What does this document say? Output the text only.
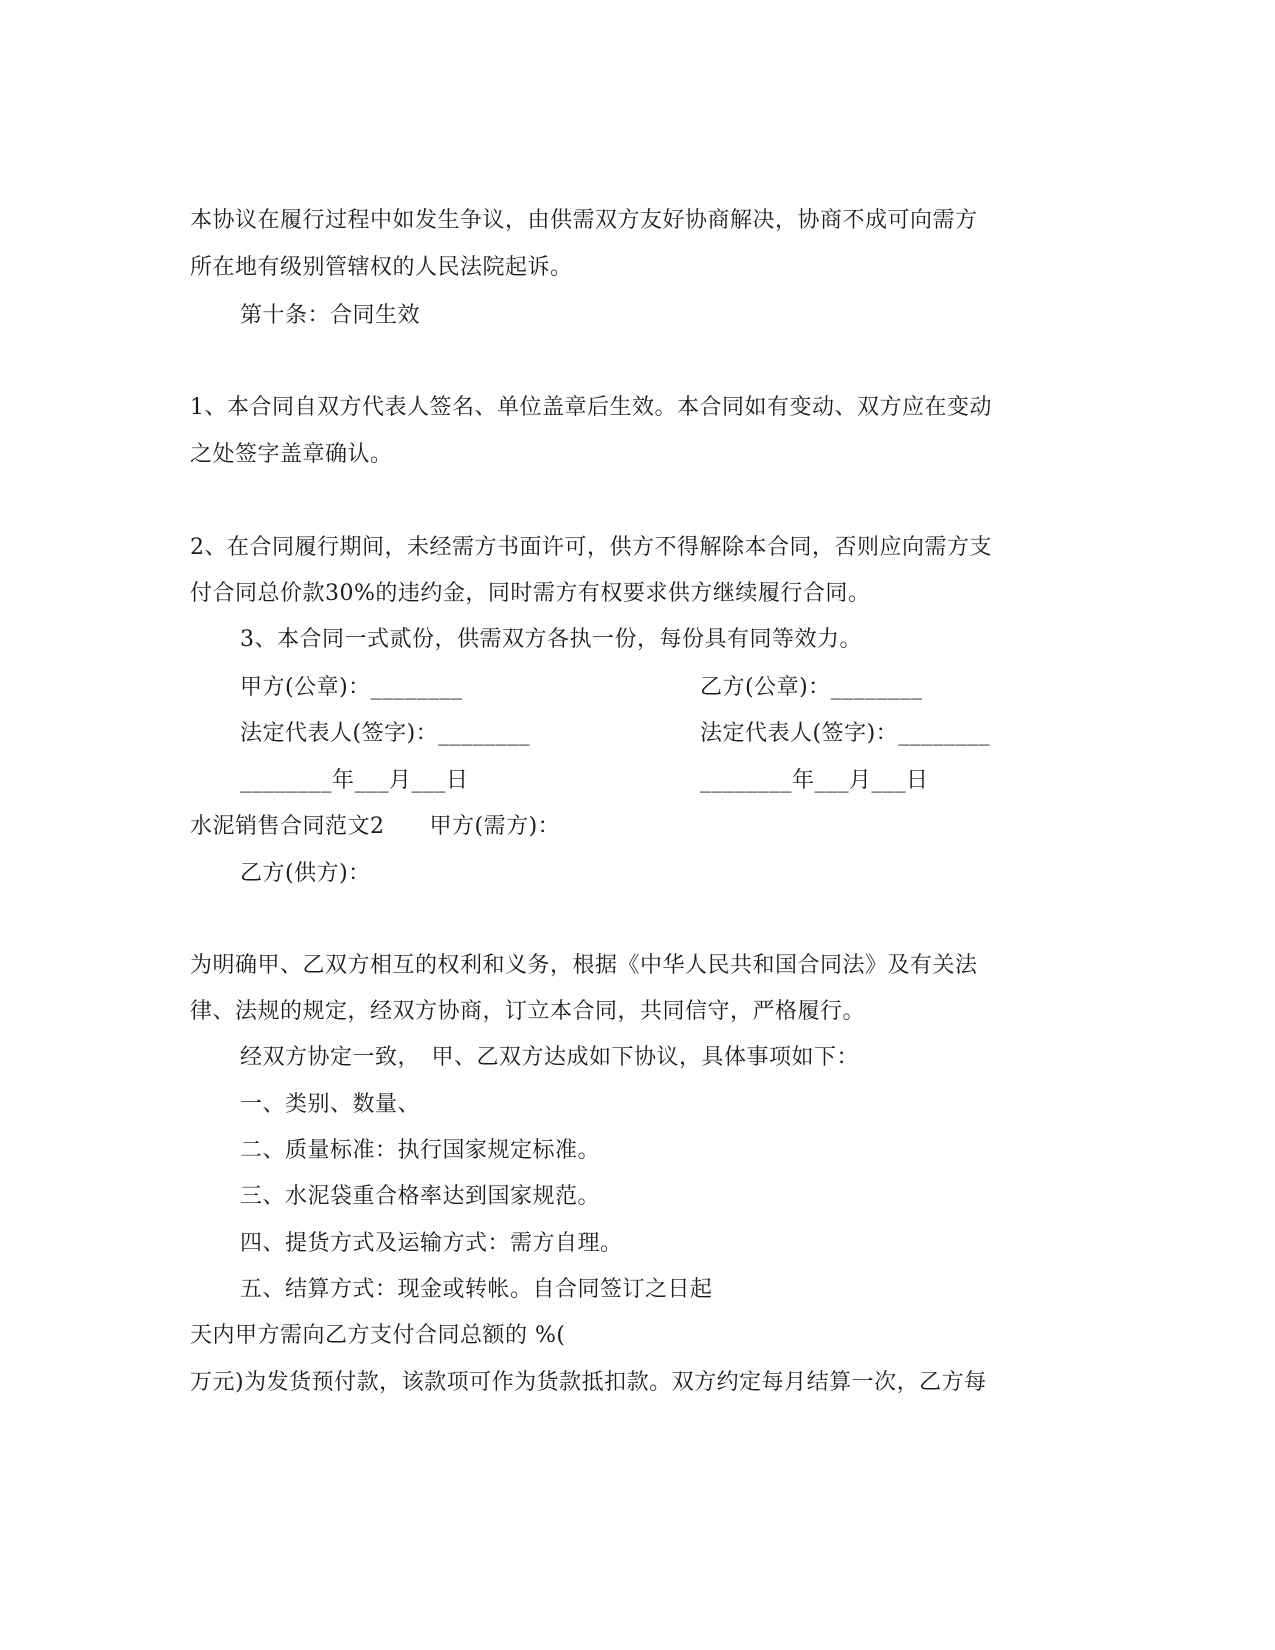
本协议在履行过程中如发生争议，由供需双方友好协商解决，协商不成可向需方
所在地有级别管辖权的人民法院起诉。
第十条：合同生效
1、本合同自双方代表人签名、单位盖章后生效。本合同如有变动、双方应在变动
之处签字盖章确认。
2、在合同履行期间，未经需方书面许可，供方不得解除本合同，否则应向需方支
付合同总价款30%的违约金，同时需方有权要求供方继续履行合同。
3、本合同一式贰份，供需双方各执一份，每份具有同等效力。
甲方(公章)：________	乙方(公章)：________
法定代表人(签字)：________	法定代表人(签字)：________
________年___月___日	________年___月___日
水泥销售合同范文2　　甲方(需方)：
乙方(供方)：
为明确甲、乙双方相互的权利和义务，根据《中华人民共和国合同法》及有关法
律、法规的规定，经双方协商，订立本合同，共同信守，严格履行。
经双方协定一致，　甲、乙双方达成如下协议，具体事项如下：
一、类别、数量、
二、质量标准：执行国家规定标准。
三、水泥袋重合格率达到国家规范。
四、提货方式及运输方式：需方自理。
五、结算方式：现金或转帐。自合同签订之日起
天内甲方需向乙方支付合同总额的 %(
万元)为发货预付款，该款项可作为货款抵扣款。双方约定每月结算一次，乙方每
